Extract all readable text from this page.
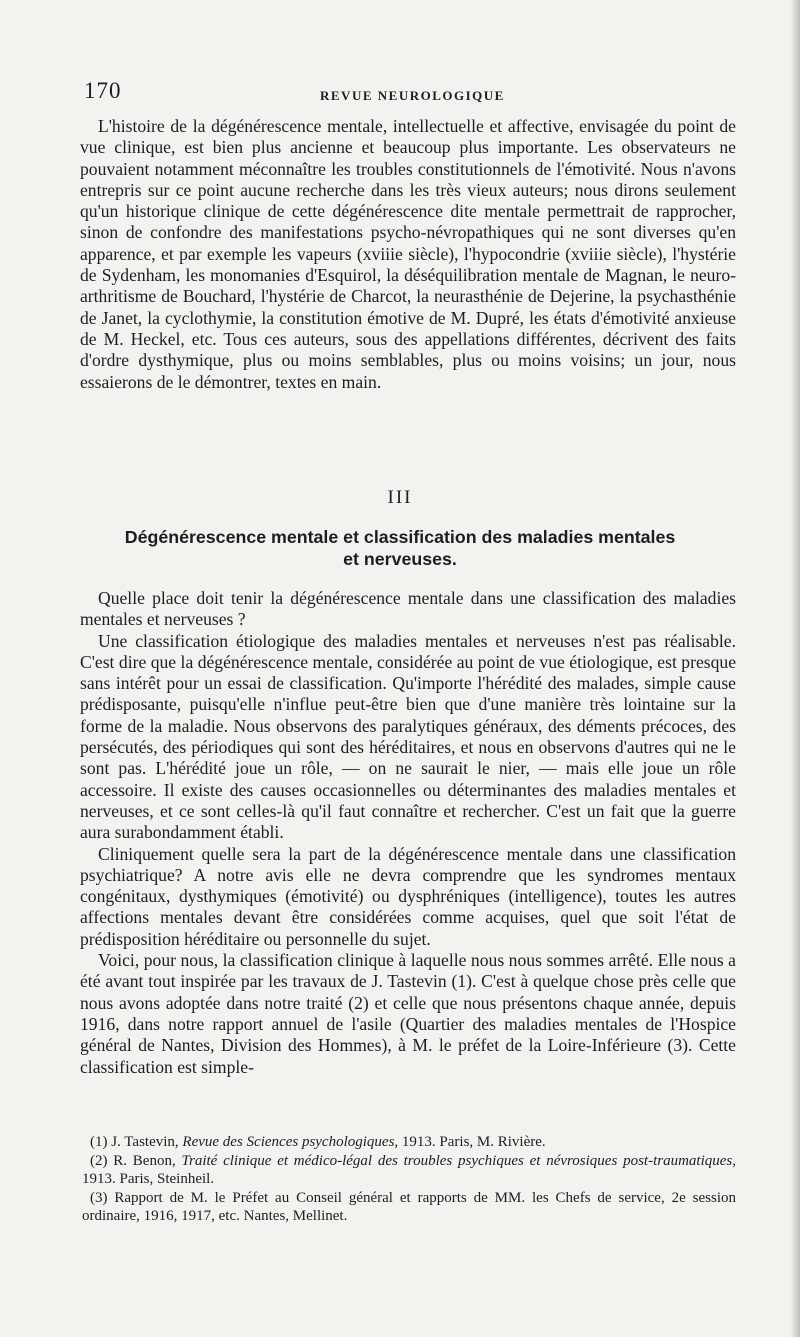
170	REVUE NEUROLOGIQUE

L'histoire de la dégénérescence mentale, intellectuelle et affective, envisagée du point de vue clinique, est bien plus ancienne et beaucoup plus importante. Les observateurs ne pouvaient notamment méconnaître les troubles constitutionnels de l'émotivité. Nous n'avons entrepris sur ce point aucune recherche dans les très vieux auteurs; nous dirons seulement qu'un historique clinique de cette dégénérescence dite mentale permettrait de rapprocher, sinon de confondre des manifestations psycho-névropathiques qui ne sont diverses qu'en apparence, et par exemple les vapeurs (xviiie siècle), l'hypocondrie (xviiie siècle), l'hystérie de Sydenham, les monomanies d'Esquirol, la déséquilibration mentale de Magnan, le neuro-arthritisme de Bouchard, l'hystérie de Charcot, la neurasthénie de Dejerine, la psychasthénie de Janet, la cyclothymie, la constitution émotive de M. Dupré, les états d'émotivité anxieuse de M. Heckel, etc. Tous ces auteurs, sous des appellations différentes, décrivent des faits d'ordre dysthymique, plus ou moins semblables, plus ou moins voisins; un jour, nous essaierons de le démontrer, textes en main.

III
Dégénérescence mentale et classification des maladies mentales et nerveuses.

Quelle place doit tenir la dégénérescence mentale dans une classification des maladies mentales et nerveuses ?

Une classification étiologique des maladies mentales et nerveuses n'est pas réalisable. C'est dire que la dégénérescence mentale, considérée au point de vue étiologique, est presque sans intérêt pour un essai de classification. Qu'importe l'hérédité des malades, simple cause prédisposante, puisqu'elle n'influe peut-être bien que d'une manière très lointaine sur la forme de la maladie. Nous observons des paralytiques généraux, des déments précoces, des persécutés, des périodiques qui sont des héréditaires, et nous en observons d'autres qui ne le sont pas. L'hérédité joue un rôle, — on ne saurait le nier, — mais elle joue un rôle accessoire. Il existe des causes occasionnelles ou déterminantes des maladies mentales et nerveuses, et ce sont celles-là qu'il faut connaître et rechercher. C'est un fait que la guerre aura surabondamment établi.

Cliniquement quelle sera la part de la dégénérescence mentale dans une classification psychiatrique? A notre avis elle ne devra comprendre que les syndromes mentaux congénitaux, dysthymiques (émotivité) ou dysphréniques (intelligence), toutes les autres affections mentales devant être considérées comme acquises, quel que soit l'état de prédisposition héréditaire ou personnelle du sujet.

Voici, pour nous, la classification clinique à laquelle nous nous sommes arrêté. Elle nous a été avant tout inspirée par les travaux de J. Tastevin (1). C'est à quelque chose près celle que nous avons adoptée dans notre traité (2) et celle que nous présentons chaque année, depuis 1916, dans notre rapport annuel de l'asile (Quartier des maladies mentales de l'Hospice général de Nantes, Division des Hommes), à M. le préfet de la Loire-Inférieure (3). Cette classification est simple-

(1) J. Tastevin, Revue des Sciences psychologiques, 1913. Paris, M. Rivière.

(2) R. Benon, Traité clinique et médico-légal des troubles psychiques et névrosiques post-traumatiques, 1913. Paris, Steinheil.

(3) Rapport de M. le Préfet au Conseil général et rapports de MM. les Chefs de service, 2e session ordinaire, 1916, 1917, etc. Nantes, Mellinet.
